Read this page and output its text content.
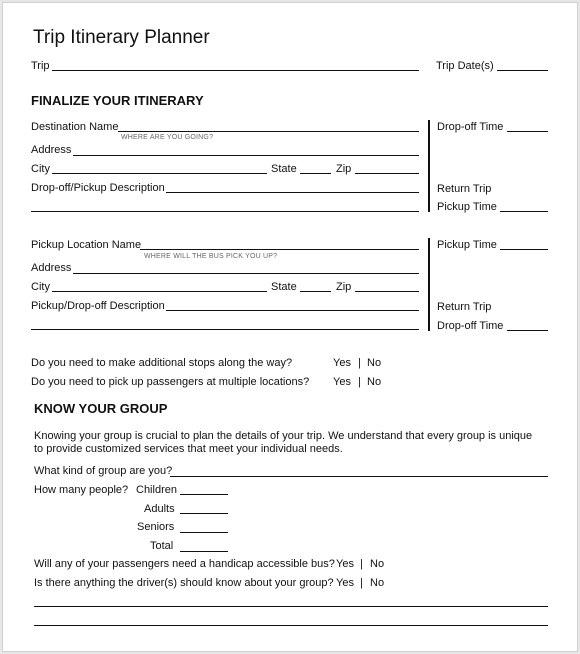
Trip Itinerary Planner
Trip	Trip Date(s)
FINALIZE YOUR ITINERARY
Destination Name
WHERE ARE YOU GOING?
Address
City	State	Zip
Drop-off/Pickup Description
Drop-off Time
Return Trip
Pickup Time
Pickup Location Name
WHERE WILL THE BUS PICK YOU UP?
Address
City	State	Zip
Pickup/Drop-off Description
Pickup Time
Return Trip
Drop-off Time
Do you need to make additional stops along the way?	Yes | No
Do you need to pick up passengers at multiple locations? Yes | No
KNOW YOUR GROUP
Knowing your group is crucial to plan the details of your trip. We understand that every group is unique
to provide customized services that meet your individual needs.
What kind of group are you?
How many people? Children
Adults
Seniors
Total
Will any of your passengers need a handicap accessible bus? Yes | No
Is there anything the driver(s) should know about your group? Yes | No
